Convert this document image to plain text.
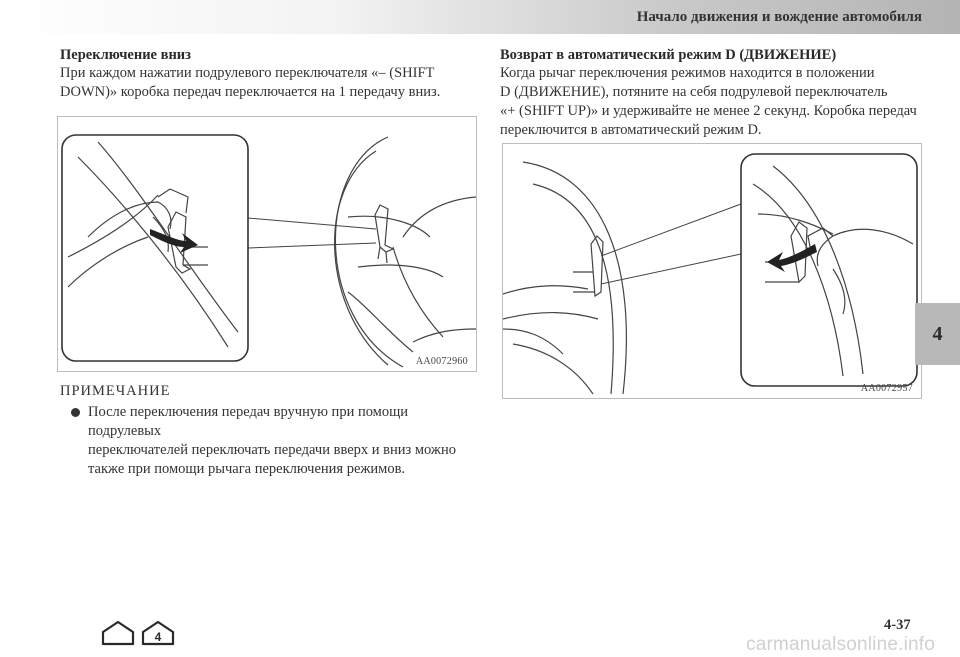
Начало движения и вождение автомобиля
Переключение вниз

При каждом нажатии подрулевого переключателя «– (SHIFT

DOWN)» коробка передач переключается на 1 передачу вниз.

AA0072960
Возврат в автоматический режим D (ДВИЖЕНИЕ)

Когда рычаг переключения режимов находится в положении

D (ДВИЖЕНИЕ), потяните на себя подрулевой переключатель

«+ (SHIFT UP)» и удерживайте не менее 2 секунд. Коробка передач

переключится в автоматический режим D.

AA0072957
ПРИМЕЧАНИЕ

После переключения передач вручную при помощи подрулевых

переключателей переключать передачи вверх и вниз можно

также при помощи рычага переключения режимов.

4
4
4-37
carmanualsonline.info
